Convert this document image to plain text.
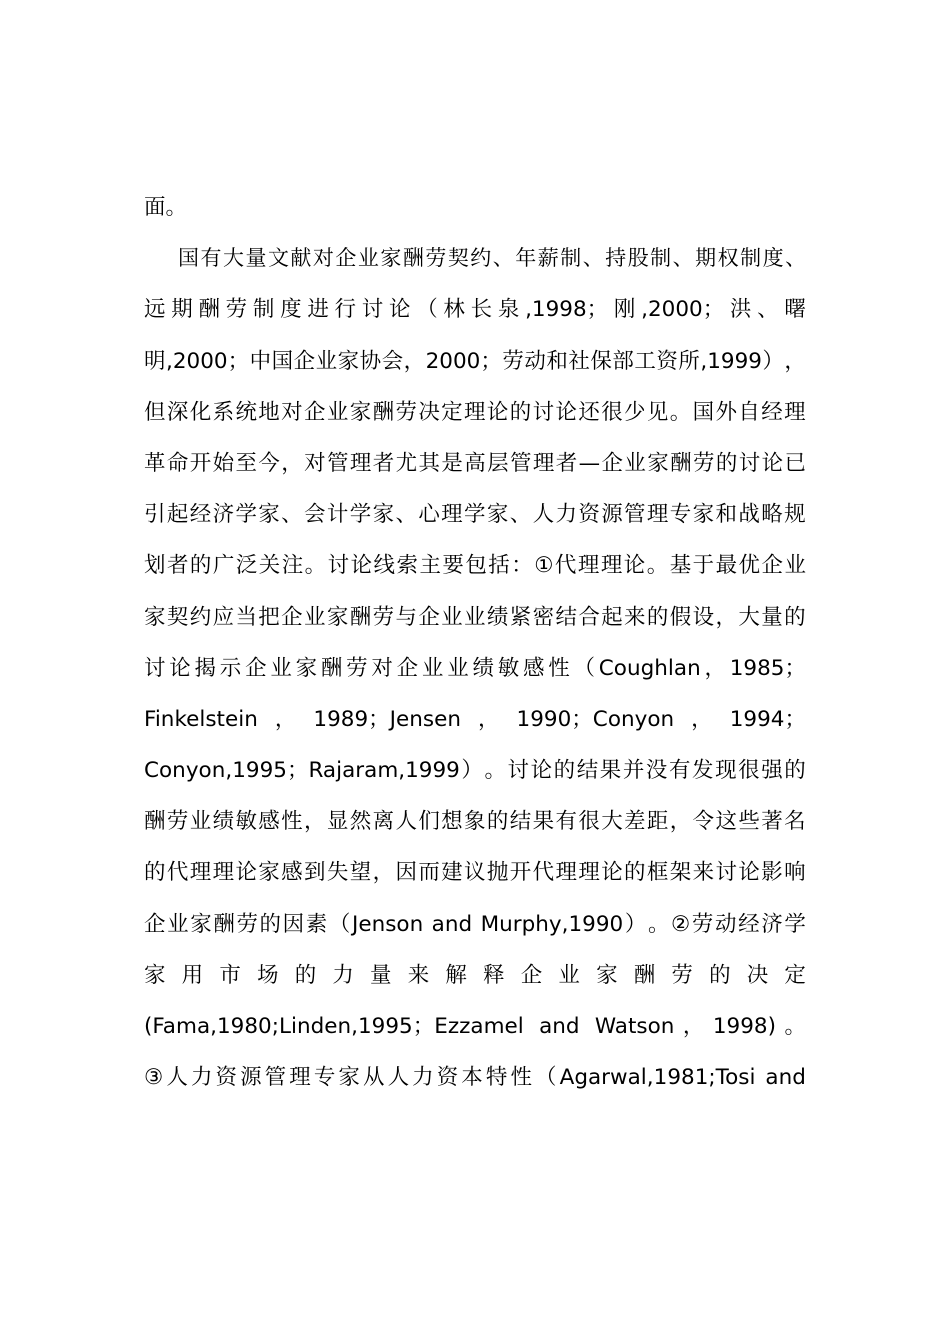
面。
国有大量文献对企业家酬劳契约、年薪制、持股制、期权制度、
远期酬劳制度进行讨论（林长泉,1998；刚,2000；洪、曙
明,2000；中国企业家协会，2000；劳动和社保部工资所,1999），
但深化系统地对企业家酬劳决定理论的讨论还很少见。国外自经理
革命开始至今，对管理者尤其是高层管理者—企业家酬劳的讨论已
引起经济学家、会计学家、心理学家、人力资源管理专家和战略规
划者的广泛关注。讨论线索主要包括：①代理理论。基于最优企业
家契约应当把企业家酬劳与企业业绩紧密结合起来的假设，大量的
讨论揭示企业家酬劳对企业业绩敏感性（Coughlan，1985；
Finkelstein，1989；Jensen，1990；Conyon，1994；
Conyon,1995；Rajaram,1999）。讨论的结果并没有发现很强的
酬劳业绩敏感性，显然离人们想象的结果有很大差距，令这些著名
的代理理论家感到失望，因而建议抛开代理理论的框架来讨论影响
企业家酬劳的因素（Jenson and Murphy,1990）。②劳动经济学
家用市场的力量来解释企业家酬劳的决定
(Fama,1980;Linden,1995；Ezzamel and Watson，1998)。
③人力资源管理专家从人力资本特性（Agarwal,1981;Tosi and
